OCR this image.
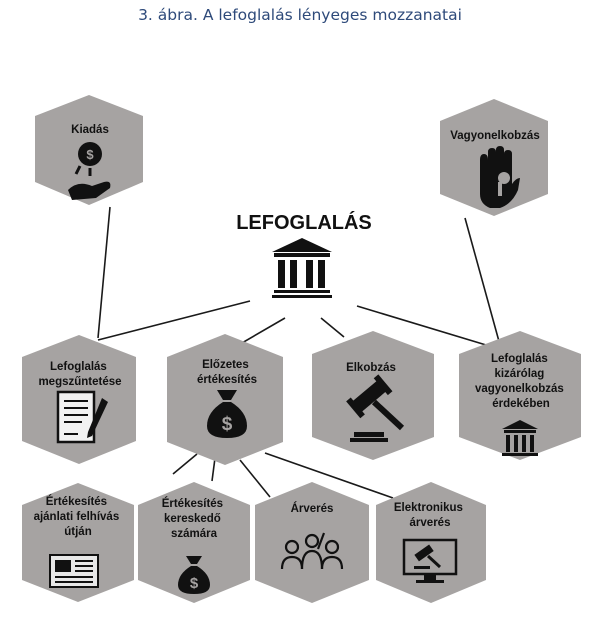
3. ábra. A lefoglalás lényeges mozzanatai
Kiadás	Vagyonelkobzás
Lefoglalás megszűntetése
Előzetes értékesítés
Elkobzás
Lefoglalás kizárólag vagyonelkobzás érdekében
Értékesítés ajánlati felhívás útján
Értékesítés kereskedő számára
Árverés	Elektronikus árverés
LEFOGLALÁS
$
$
$
